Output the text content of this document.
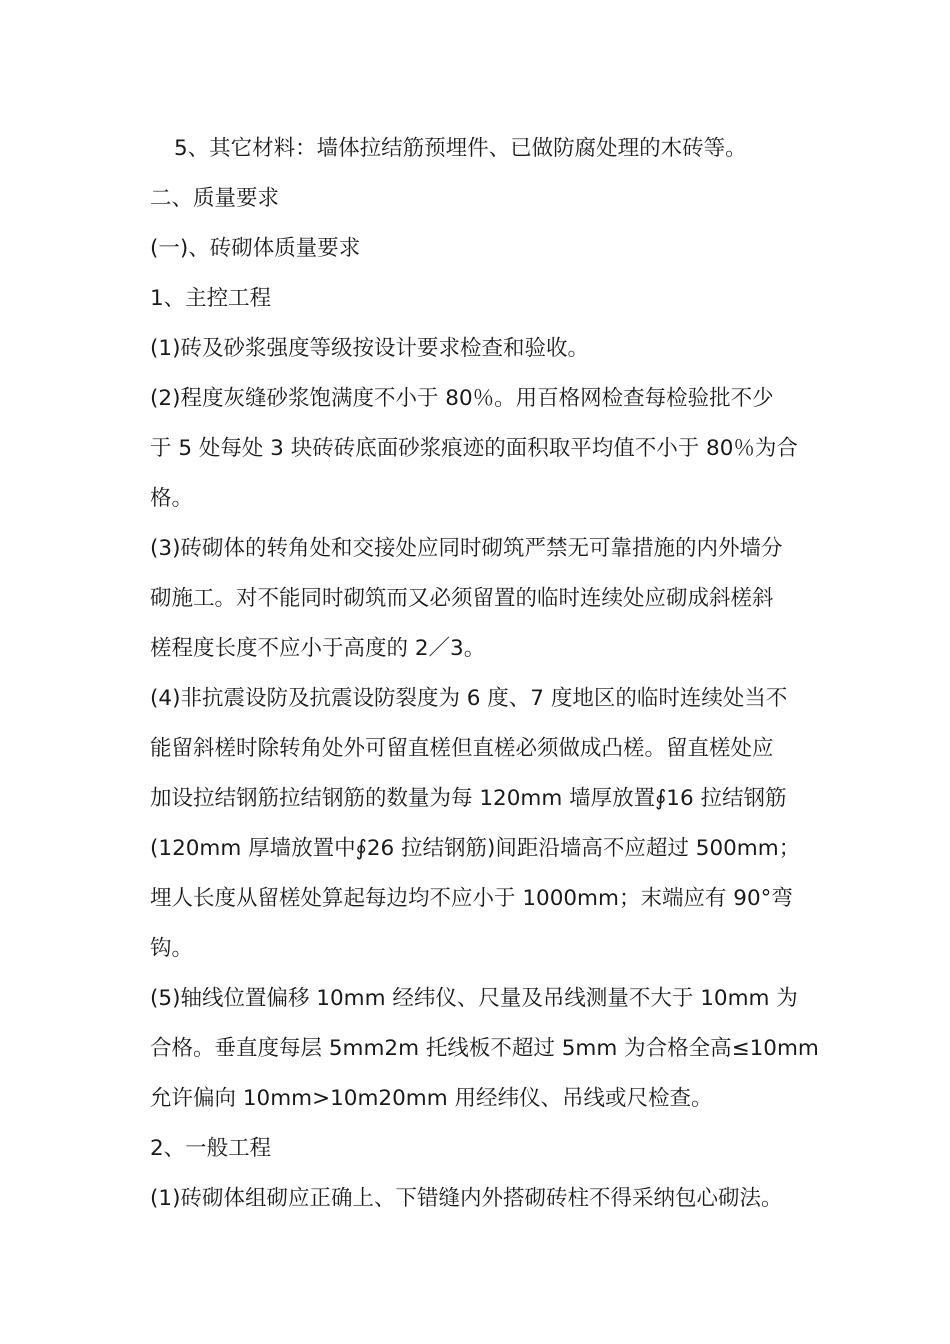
5、其它材料：墙体拉结筋预埋件、已做防腐处理的木砖等。
二、质量要求
(一)、砖砌体质量要求
1、主控工程
(1)砖及砂浆强度等级按设计要求检查和验收。
(2)程度灰缝砂浆饱满度不小于 80％。用百格网检查每检验批不少
于 5 处每处 3 块砖砖底面砂浆痕迹的面积取平均值不小于 80％为合
格。
(3)砖砌体的转角处和交接处应同时砌筑严禁无可靠措施的内外墙分
砌施工。对不能同时砌筑而又必须留置的临时连续处应砌成斜槎斜
槎程度长度不应小于高度的 2／3。
(4)非抗震设防及抗震设防裂度为 6 度、7 度地区的临时连续处当不
能留斜槎时除转角处外可留直槎但直槎必须做成凸槎。留直槎处应
加设拉结钢筋拉结钢筋的数量为每 120mm 墙厚放置∮16 拉结钢筋
(120mm 厚墙放置中∮26 拉结钢筋)间距沿墙高不应超过 500mm；
埋人长度从留槎处算起每边均不应小于 1000mm；末端应有 90°弯
钩。
(5)轴线位置偏移 10mm 经纬仪、尺量及吊线测量不大于 10mm 为
合格。垂直度每层 5mm2m 托线板不超过 5mm 为合格全高≤10mm
允许偏向 10mm>10m20mm 用经纬仪、吊线或尺检查。
2、一般工程
(1)砖砌体组砌应正确上、下错缝内外搭砌砖柱不得采纳包心砌法。
